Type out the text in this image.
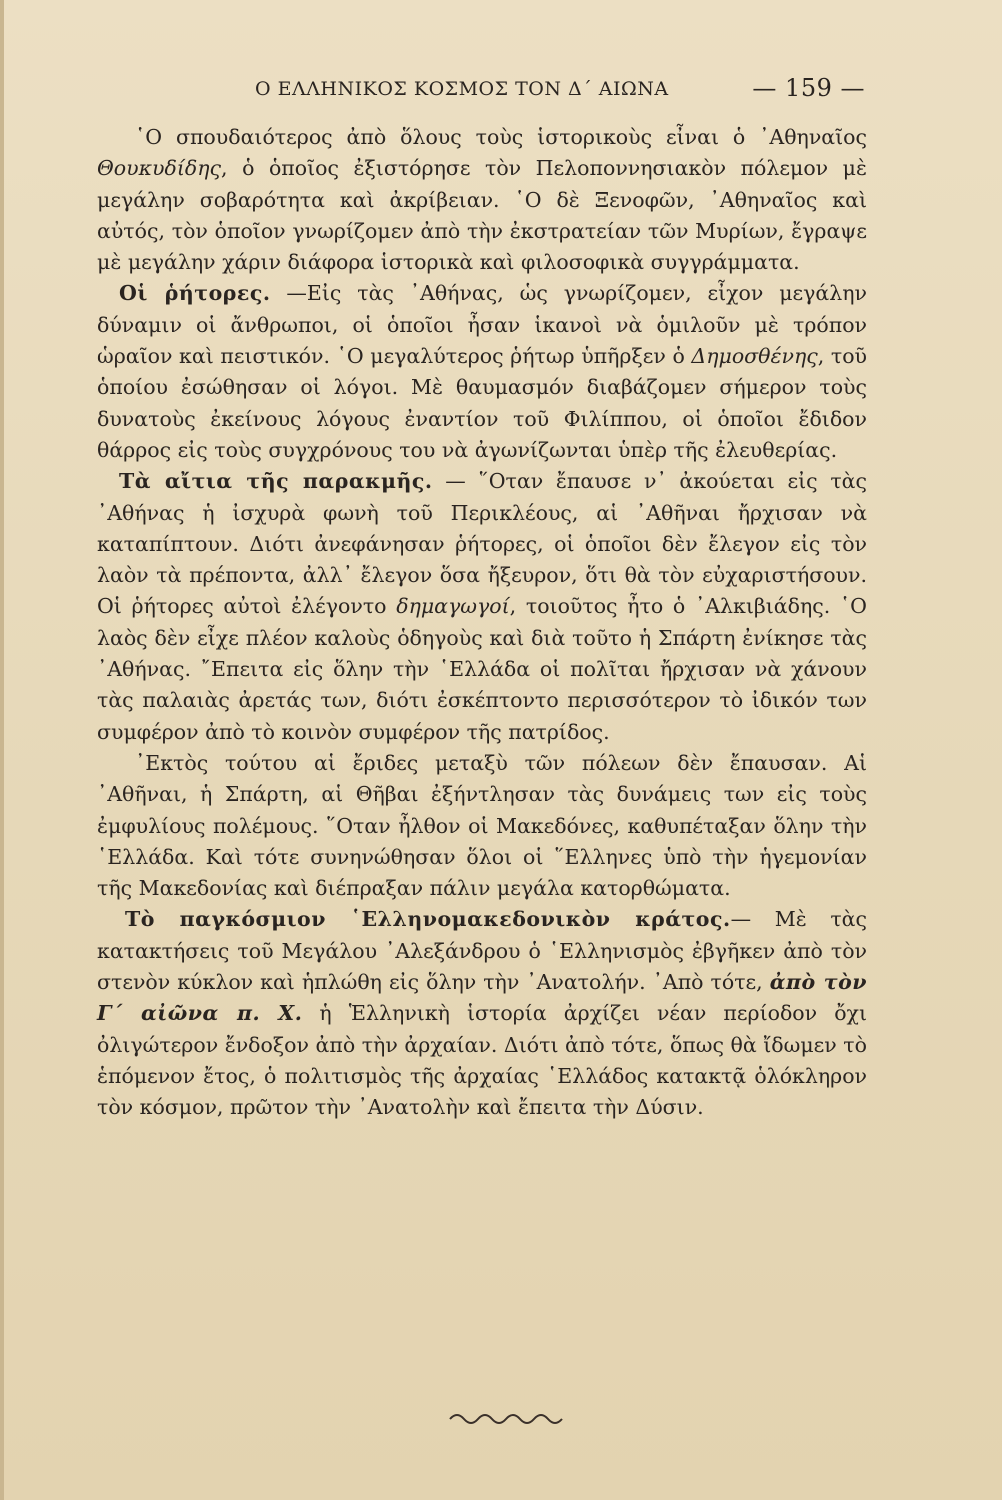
Ο ΕΛΛΗΝΙΚΟΣ ΚΟΣΜΟΣ ΤΟΝ Δ΄ ΑΙΩΝΑ	— 159 —

῾Ο σπουδαιότερος ἀπὸ ὅλους τοὺς ἱστορικοὺς εἶναι ὁ ᾿Αθηναῖος Θουκυδίδης, ὁ ὁποῖος ἐξιστόρησε τὸν Πελοποννησιακὸν πόλεμον μὲ μεγάλην σοβαρότητα καὶ ἀκρίβειαν. ῾Ο δὲ Ξενοφῶν, ᾿Αθηναῖος καὶ αὐτός, τὸν ὁποῖον γνωρίζομεν ἀπὸ τὴν ἐκστρατείαν τῶν Μυρίων, ἔγραψε μὲ μεγάλην χάριν διάφορα ἱστορικὰ καὶ φιλοσοφικὰ συγγράμματα.

Οἱ ῥήτορες. —Εἰς τὰς ᾿Αθήνας, ὡς γνωρίζομεν, εἶχον μεγάλην δύναμιν οἱ ἄνθρωποι, οἱ ὁποῖοι ἦσαν ἱκανοὶ νὰ ὁμιλοῦν μὲ τρόπον ὡραῖον καὶ πειστικόν. ῾Ο μεγαλύτερος ῥήτωρ ὑπῆρξεν ὁ Δημοσθένης, τοῦ ὁποίου ἐσώθησαν οἱ λόγοι. Μὲ θαυμασμόν διαβάζομεν σήμερον τοὺς δυνατοὺς ἐκείνους λόγους ἐναντίον τοῦ Φιλίππου, οἱ ὁποῖοι ἔδιδον θάρρος εἰς τοὺς συγχρόνους του νὰ ἀγωνίζωνται ὑπὲρ τῆς ἐλευθερίας.

Τὰ αἴτια τῆς παρακμῆς. — ῞Οταν ἔπαυσε ν᾿ ἀκούεται εἰς τὰς ᾿Αθήνας ἡ ἰσχυρὰ φωνὴ τοῦ Περικλέους, αἱ ᾿Αθῆναι ἤρχισαν νὰ καταπίπτουν. Διότι ἀνεφάνησαν ῥήτορες, οἱ ὁποῖοι δὲν ἔλεγον εἰς τὸν λαὸν τὰ πρέποντα, ἀλλ᾿ ἔλεγον ὅσα ἤξευρον, ὅτι θὰ τὸν εὐχαριστήσουν. Οἱ ῥήτορες αὐτοὶ ἐλέγοντο δημαγωγοί, τοιοῦτος ἦτο ὁ ᾿Αλκιβιάδης. ῾Ο λαὸς δὲν εἶχε πλέον καλοὺς ὁδηγοὺς καὶ διὰ τοῦτο ἡ Σπάρτη ἐνίκησε τὰς ᾿Αθήνας. ῎Επειτα εἰς ὅλην τὴν ῾Ελλάδα οἱ πολῖται ἤρχισαν νὰ χάνουν τὰς παλαιὰς ἀρετάς των, διότι ἐσκέπτοντο περισσότερον τὸ ἰδικόν των συμφέρον ἀπὸ τὸ κοινὸν συμφέρον τῆς πατρίδος.

᾿Εκτὸς τούτου αἱ ἔριδες μεταξὺ τῶν πόλεων δὲν ἔπαυσαν. Αἱ ᾿Αθῆναι, ἡ Σπάρτη, αἱ Θῆβαι ἐξήντλησαν τὰς δυνάμεις των εἰς τοὺς ἐμφυλίους πολέμους. ῞Οταν ἦλθον οἱ Μακεδόνες, καθυπέταξαν ὅλην τὴν ῾Ελλάδα. Καὶ τότε συνηνώθησαν ὅλοι οἱ ῞Ελληνες ὑπὸ τὴν ἡγεμονίαν τῆς Μακεδονίας καὶ διέπραξαν πάλιν μεγάλα κατορθώματα.

Τὸ παγκόσμιον ῾Ελληνομακεδονικὸν κράτος.— Μὲ τὰς κατακτήσεις τοῦ Μεγάλου ᾿Αλεξάνδρου ὁ ῾Ελληνισμὸς ἐβγῆκεν ἀπὸ τὸν στενὸν κύκλον καὶ ἡπλώθη εἰς ὅλην τὴν ᾿Ανατολήν. ᾿Απὸ τότε, ἀπὸ τὸν Γ΄ αἰῶνα π. Χ. ἡ Ἑλληνικὴ ἱστορία ἀρχίζει νέαν περίοδον ὄχι ὀλιγώτερον ἔνδοξον ἀπὸ τὴν ἀρχαίαν. Διότι ἀπὸ τότε, ὅπως θὰ ἴδωμεν τὸ ἑπόμενον ἔτος, ὁ πολιτισμὸς τῆς ἀρχαίας ῾Ελλάδος κατακτᾷ ὁλόκληρον τὸν κόσμον, πρῶτον τὴν ᾿Ανατολὴν καὶ ἔπειτα τὴν Δύσιν.
